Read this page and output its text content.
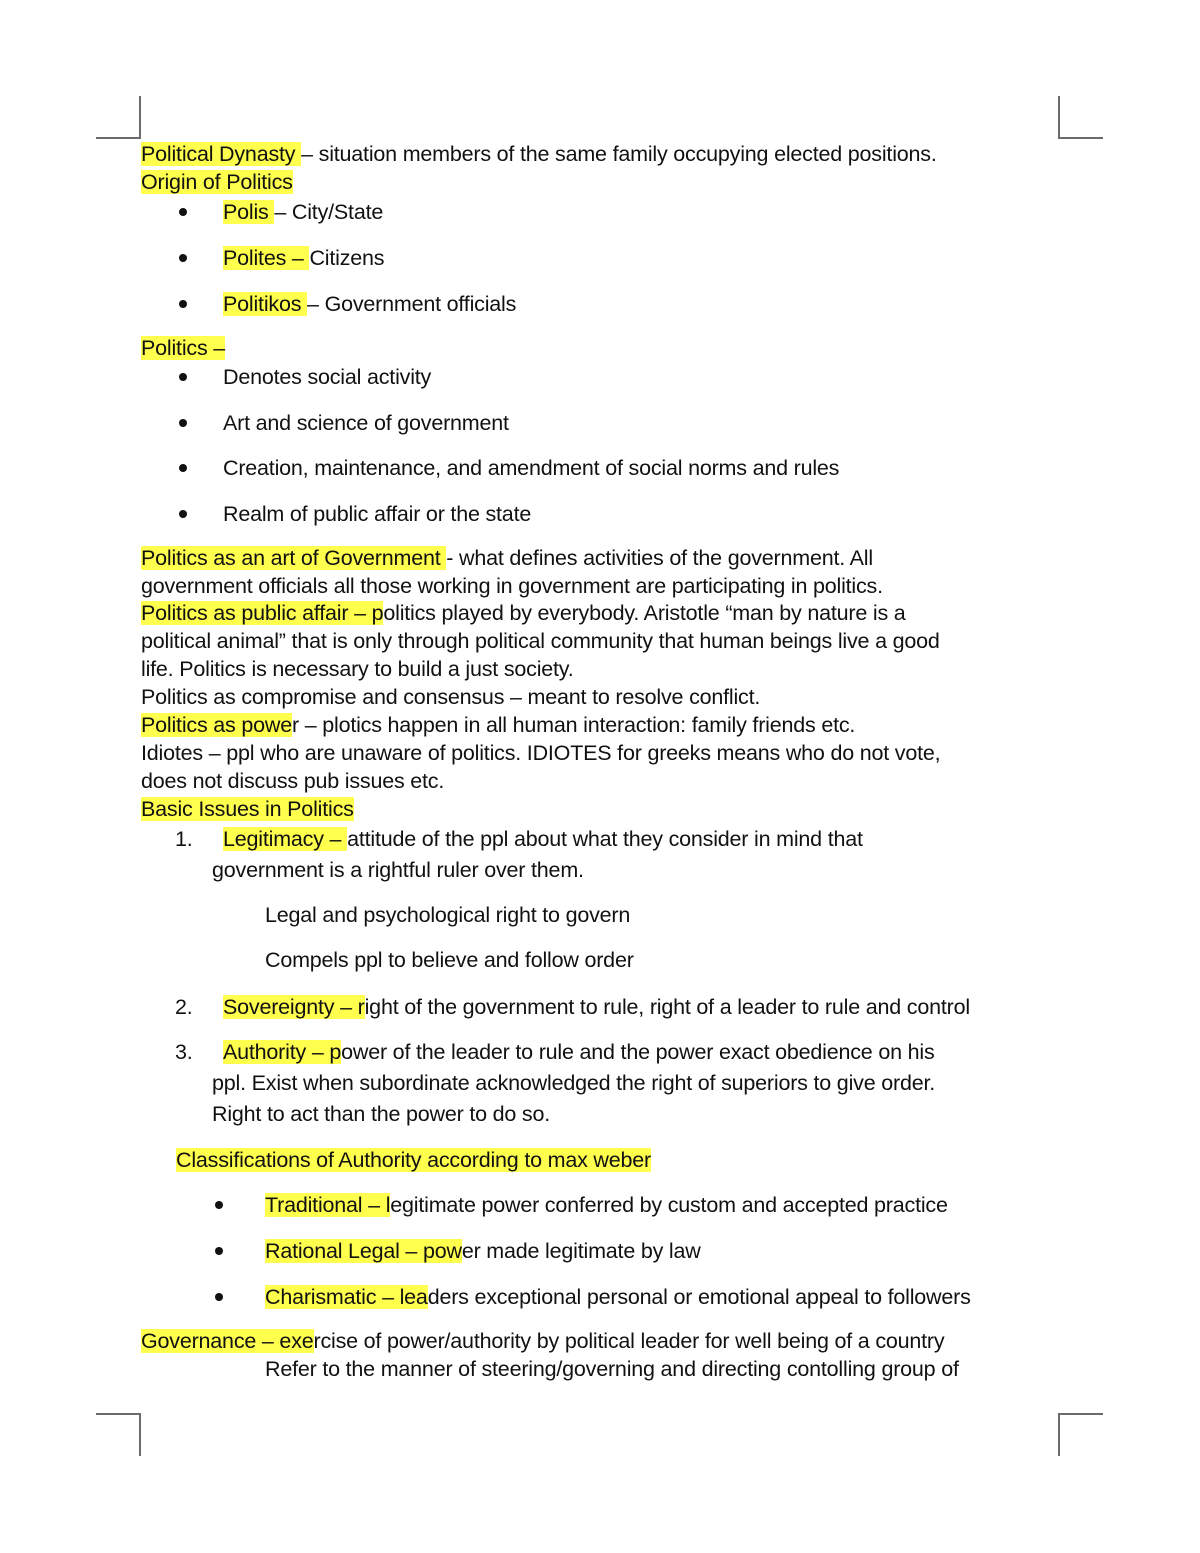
Political Dynasty – situation members of the same family occupying elected positions.
Origin of Politics
Polis – City/State
Polites – Citizens
Politikos – Government officials
Politics –
Denotes social activity
Art and science of government
Creation, maintenance, and amendment of social norms and rules
Realm of public affair or the state
Politics as an art of Government - what defines activities of the government. All
government officials all those working in government are participating in politics.
Politics as public affair – politics played by everybody. Aristotle “man by nature is a
political animal” that is only through political community that human beings live a good
life. Politics is necessary to build a just society.
Politics as compromise and consensus – meant to resolve conflict.
Politics as power – plotics happen in all human interaction: family friends etc.
Idiotes – ppl who are unaware of politics. IDIOTES for greeks means who do not vote,
does not discuss pub issues etc.
Basic Issues in Politics
1. Legitimacy – attitude of the ppl about what they consider in mind that
government is a rightful ruler over them.
Legal and psychological right to govern
Compels ppl to believe and follow order
2. Sovereignty – right of the government to rule, right of a leader to rule and control
3. Authority – power of the leader to rule and the power exact obedience on his
ppl. Exist when subordinate acknowledged the right of superiors to give order.
Right to act than the power to do so.
Classifications of Authority according to max weber
Traditional – legitimate power conferred by custom and accepted practice
Rational Legal – power made legitimate by law
Charismatic – leaders exceptional personal or emotional appeal to followers
Governance – exercise of power/authority by political leader for well being of a country
Refer to the manner of steering/governing and directing contolling group of
